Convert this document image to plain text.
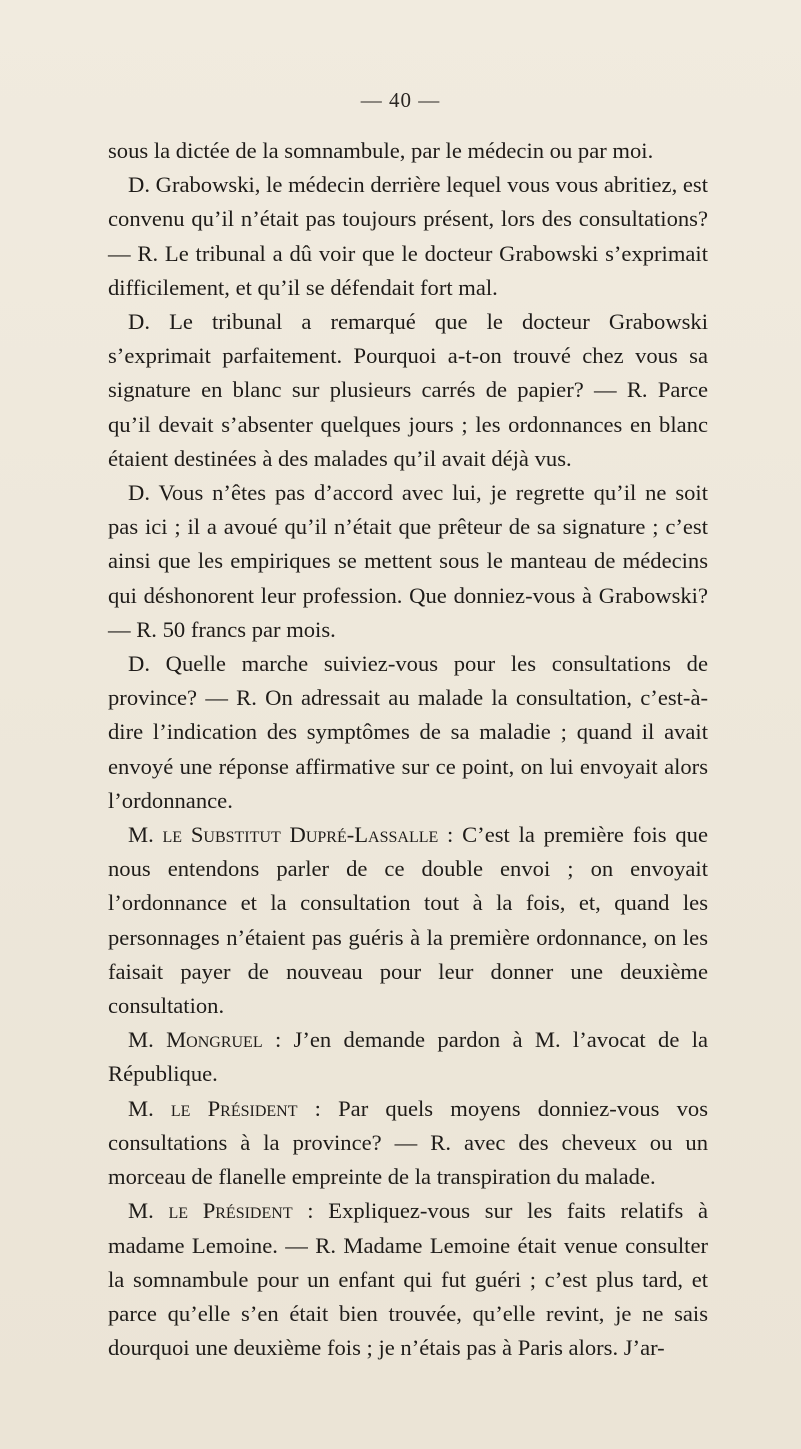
— 40 —

sous la dictée de la somnambule, par le médecin ou par moi.

D. Grabowski, le médecin derrière lequel vous vous abritiez, est convenu qu’il n’était pas toujours présent, lors des consultations? — R. Le tribunal a dû voir que le docteur Grabowski s’exprimait difficilement, et qu’il se défendait fort mal.

D. Le tribunal a remarqué que le docteur Grabowski s’exprimait parfaitement. Pourquoi a-t-on trouvé chez vous sa signature en blanc sur plusieurs carrés de papier? — R. Parce qu’il devait s’absenter quelques jours ; les ordonnances en blanc étaient destinées à des malades qu’il avait déjà vus.

D. Vous n’êtes pas d’accord avec lui, je regrette qu’il ne soit pas ici ; il a avoué qu’il n’était que prêteur de sa signature ; c’est ainsi que les empiriques se mettent sous le manteau de médecins qui déshonorent leur profession. Que donniez-vous à Grabowski? — R. 50 francs par mois.

D. Quelle marche suiviez-vous pour les consultations de province? — R. On adressait au malade la consultation, c’est-à-dire l’indication des symptômes de sa maladie ; quand il avait envoyé une réponse affirmative sur ce point, on lui envoyait alors l’ordonnance.

M. le Substitut Dupré-Lassalle : C’est la première fois que nous entendons parler de ce double envoi ; on envoyait l’ordonnance et la consultation tout à la fois, et, quand les personnages n’étaient pas guéris à la première ordonnance, on les faisait payer de nouveau pour leur donner une deuxième consultation.

M. Mongruel : J’en demande pardon à M. l’avocat de la République.

M. le Président : Par quels moyens donniez-vous vos consultations à la province? — R. avec des cheveux ou un morceau de flanelle empreinte de la transpiration du malade.

M. le Président : Expliquez-vous sur les faits relatifs à madame Lemoine. — R. Madame Lemoine était venue consulter la somnambule pour un enfant qui fut guéri ; c’est plus tard, et parce qu’elle s’en était bien trouvée, qu’elle revint, je ne sais dourquoi une deuxième fois ; je n’étais pas à Paris alors. J’ar-
